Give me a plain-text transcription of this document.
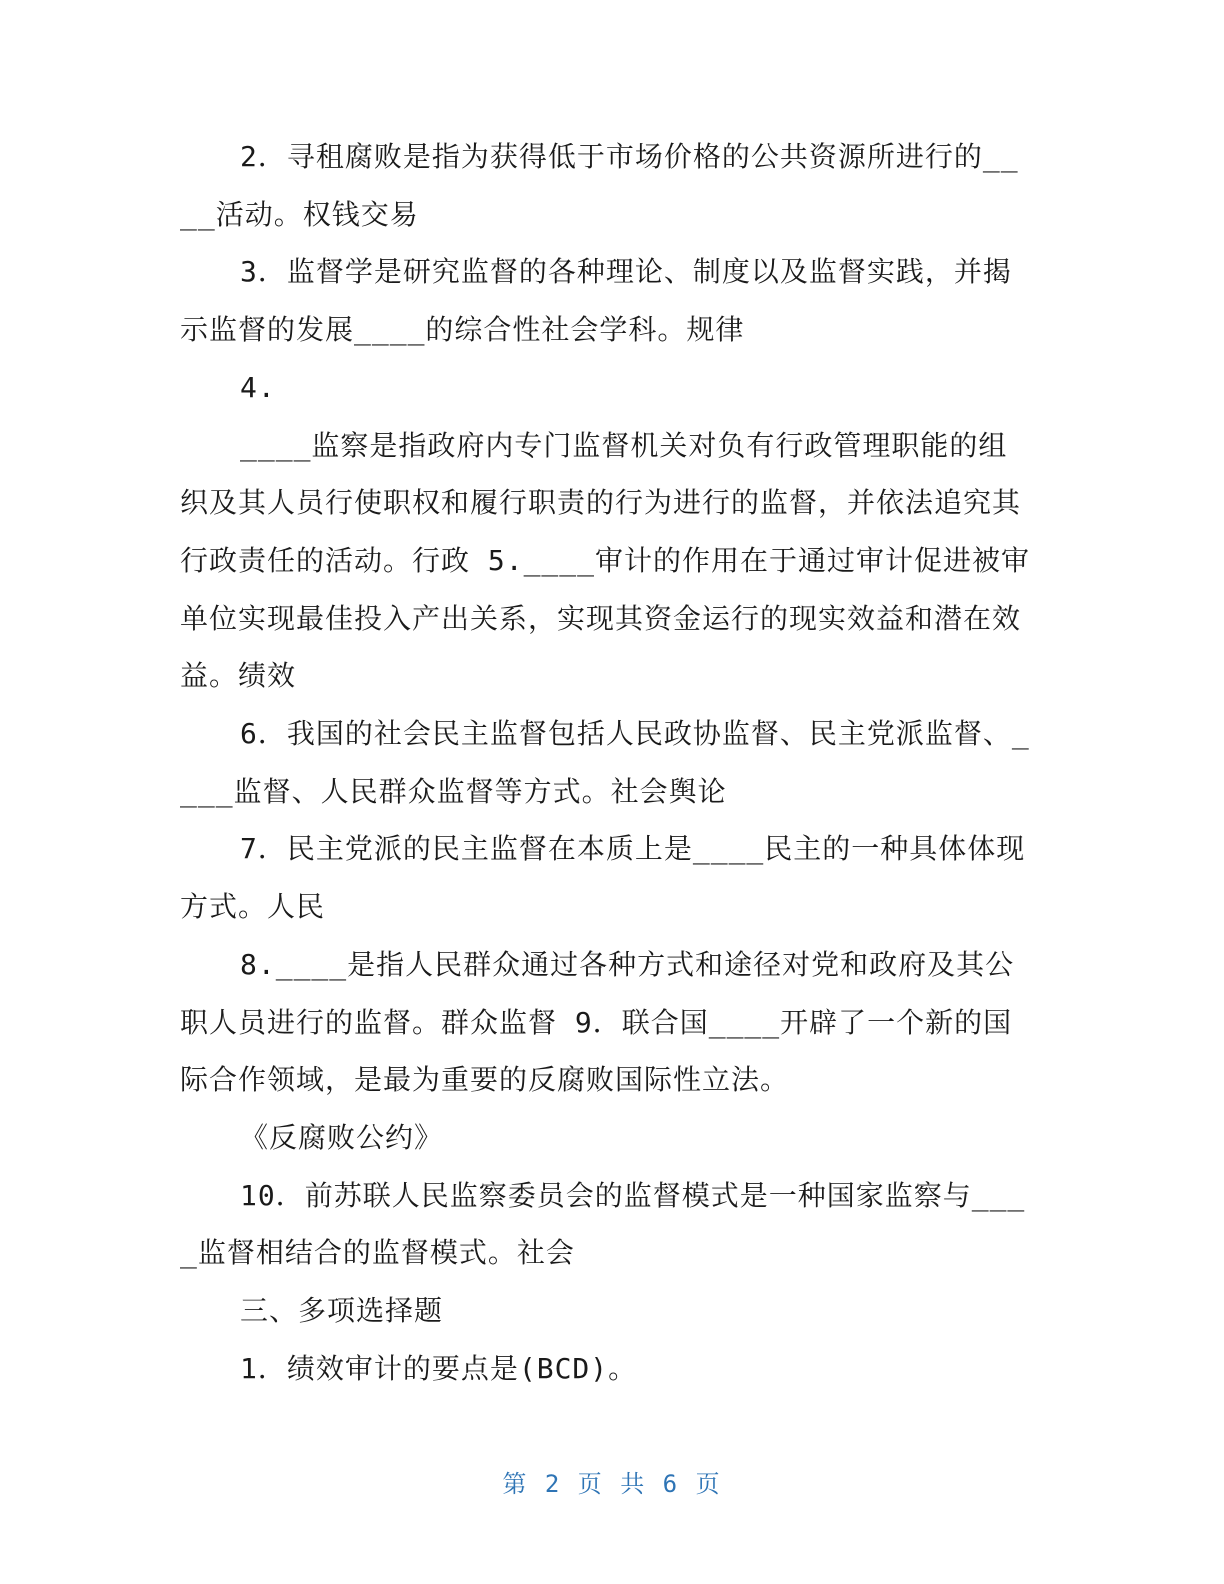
2．寻租腐败是指为获得低于市场价格的公共资源所进行的____活动。权钱交易

3．监督学是研究监督的各种理论、制度以及监督实践，并揭示监督的发展____的综合性社会学科。规律

4.

____监察是指政府内专门监督机关对负有行政管理职能的组织及其人员行使职权和履行职责的行为进行的监督，并依法追究其行政责任的活动。行政 5.____审计的作用在于通过审计促进被审单位实现最佳投入产出关系，实现其资金运行的现实效益和潜在效益。绩效

6．我国的社会民主监督包括人民政协监督、民主党派监督、____监督、人民群众监督等方式。社会舆论

7．民主党派的民主监督在本质上是____民主的一种具体体现方式。人民

8.____是指人民群众通过各种方式和途径对党和政府及其公职人员进行的监督。群众监督 9．联合国____开辟了一个新的国际合作领域，是最为重要的反腐败国际性立法。

《反腐败公约》

10．前苏联人民监察委员会的监督模式是一种国家监察与____监督相结合的监督模式。社会

三、多项选择题

1．绩效审计的要点是(BCD)。

第 2 页 共 6 页
